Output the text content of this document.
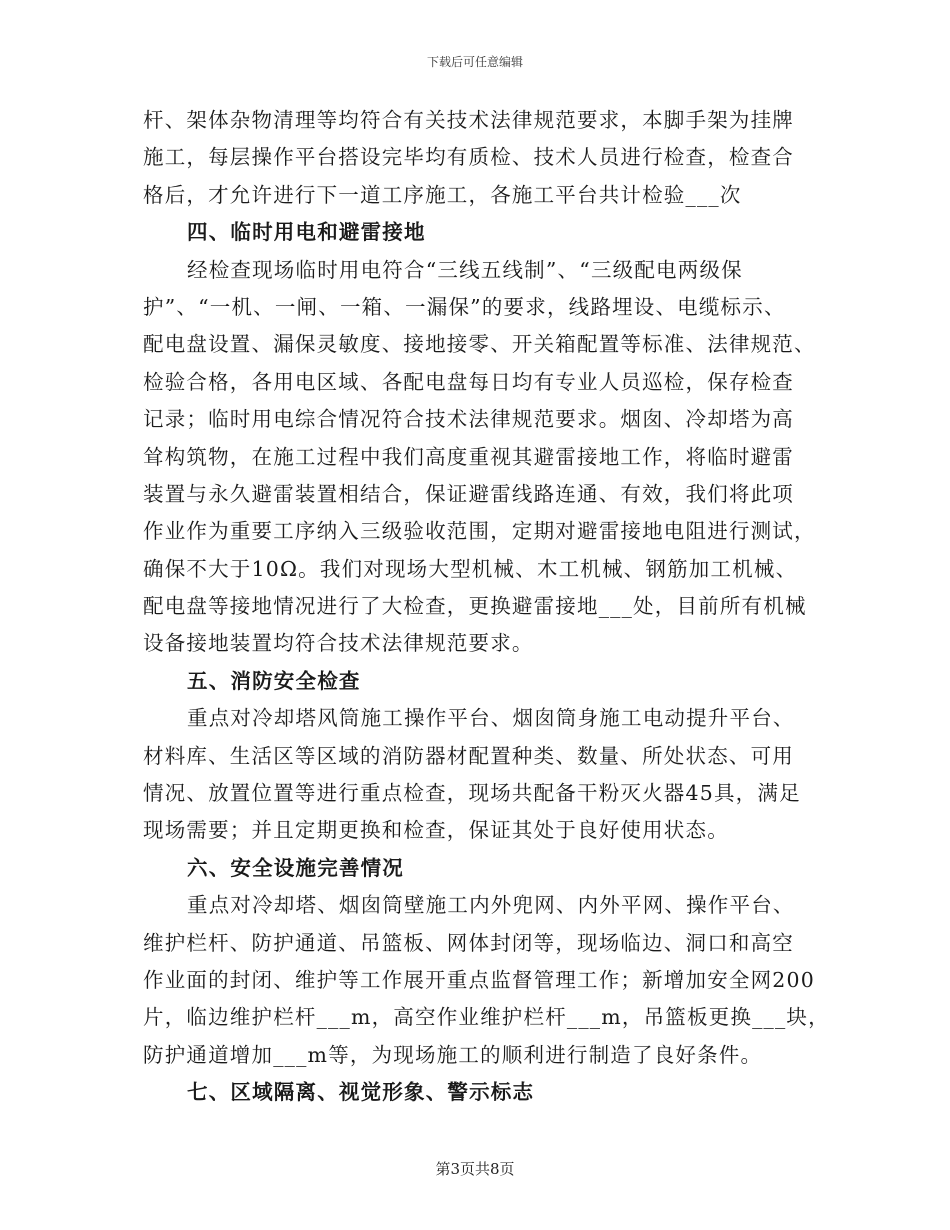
下载后可任意编辑
杆、架体杂物清理等均符合有关技术法律规范要求，本脚手架为挂牌
施工，每层操作平台搭设完毕均有质检、技术人员进行检查，检查合
格后，才允许进行下一道工序施工，各施工平台共计检验___次
四、临时用电和避雷接地
经检查现场临时用电符合“三线五线制”、“三级配电两级保
护”、“一机、一闸、一箱、一漏保”的要求，线路埋设、电缆标示、
配电盘设置、漏保灵敏度、接地接零、开关箱配置等标准、法律规范、
检验合格，各用电区域、各配电盘每日均有专业人员巡检，保存检查
记录；临时用电综合情况符合技术法律规范要求。烟囱、冷却塔为高
耸构筑物，在施工过程中我们高度重视其避雷接地工作，将临时避雷
装置与永久避雷装置相结合，保证避雷线路连通、有效，我们将此项
作业作为重要工序纳入三级验收范围，定期对避雷接地电阻进行测试，
确保不大于10Ω。我们对现场大型机械、木工机械、钢筋加工机械、
配电盘等接地情况进行了大检查，更换避雷接地___处，目前所有机械
设备接地装置均符合技术法律规范要求。
五、消防安全检查
重点对冷却塔风筒施工操作平台、烟囱筒身施工电动提升平台、
材料库、生活区等区域的消防器材配置种类、数量、所处状态、可用
情况、放置位置等进行重点检查，现场共配备干粉灭火器45具，满足
现场需要；并且定期更换和检查，保证其处于良好使用状态。
六、安全设施完善情况
重点对冷却塔、烟囱筒壁施工内外兜网、内外平网、操作平台、
维护栏杆、防护通道、吊篮板、网体封闭等，现场临边、洞口和高空
作业面的封闭、维护等工作展开重点监督管理工作；新增加安全网200
片，临边维护栏杆___m，高空作业维护栏杆___m，吊篮板更换___块，
防护通道增加___m等，为现场施工的顺利进行制造了良好条件。
七、区域隔离、视觉形象、警示标志
第3页共8页
